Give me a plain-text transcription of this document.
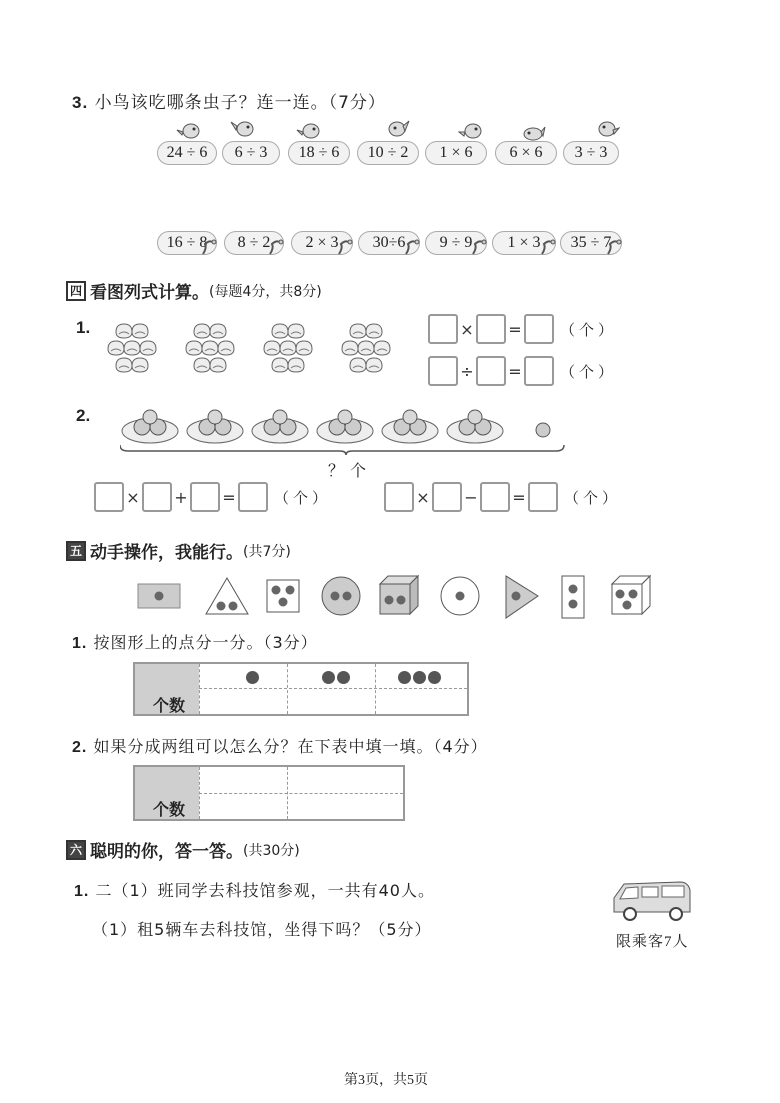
3. 小鸟该吃哪条虫子？连一连。（7分）
24 ÷ 6	6 ÷ 3	18 ÷ 6	10 ÷ 2	1 × 6	6 × 6	3 ÷ 3
16 ÷ 8	8 ÷ 2	2 × 3	30÷6	9 ÷ 9	1 × 3	35 ÷ 7
四 看图列式计算。 (每题4分，共8分)
1.	× =	（个）
÷ =	（个）
2.
？个
× + =	（个）	× − =	（个）
五 动手操作，我能行。 (共7分)
1. 按图形上的点分一分。（3分）
个数
2. 如果分成两组可以怎么分？在下表中填一填。（4分）
个数
六 聪明的你，答一答。 (共30分)
1. 二（1）班同学去科技馆参观，一共有40人。
（1）租5辆车去科技馆，坐得下吗？（5分）
限乘客7人
第3页，共5页
